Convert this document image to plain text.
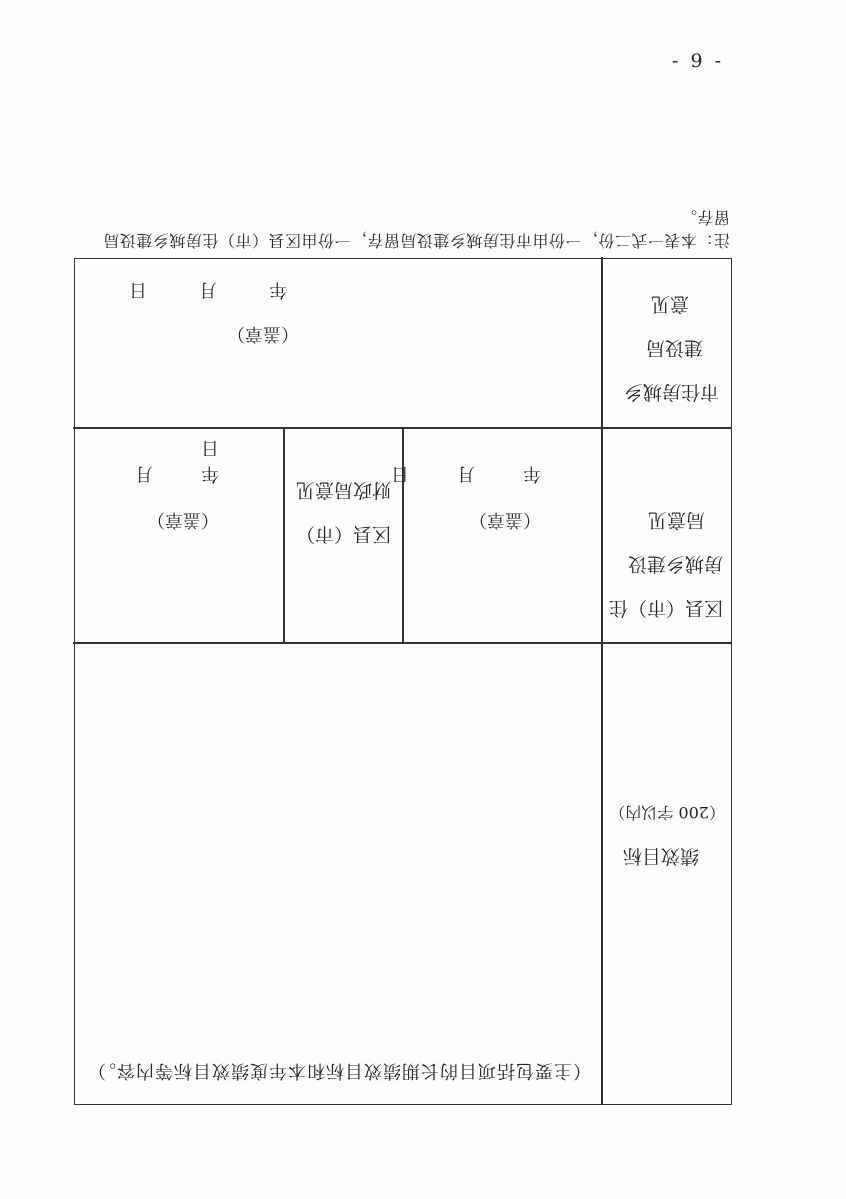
- 9 -
绩效目标
（200 字以内）
（主要包括项目的长期绩效目标和本年度绩效目标等内容。）
区县（市）住
房城乡建设
局意见
（盖章）
年月日
区县（市）
财政局意见
（盖章）
年月日
市住房城乡
建设局
意见
（盖章）
年月日
注：本表一式二份，一份由市住房城乡建设局留存，一份由区县（市）住房城乡建设局
留存。
